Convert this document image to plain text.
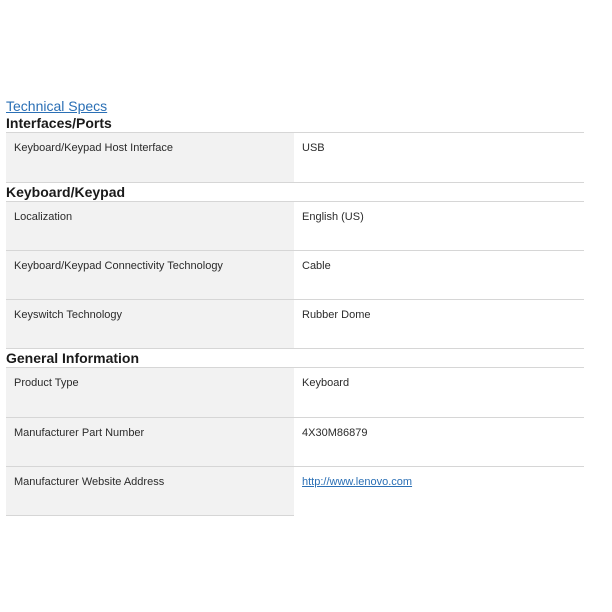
Technical Specs
Interfaces/Ports
Keyboard/Keypad Host Interface	USB
Keyboard/Keypad
Localization	English (US)
Keyboard/Keypad Connectivity Technology	Cable
Keyswitch Technology	Rubber Dome
General Information
Product Type	Keyboard
Manufacturer Part Number	4X30M86879
Manufacturer Website Address	http://www.lenovo.com
